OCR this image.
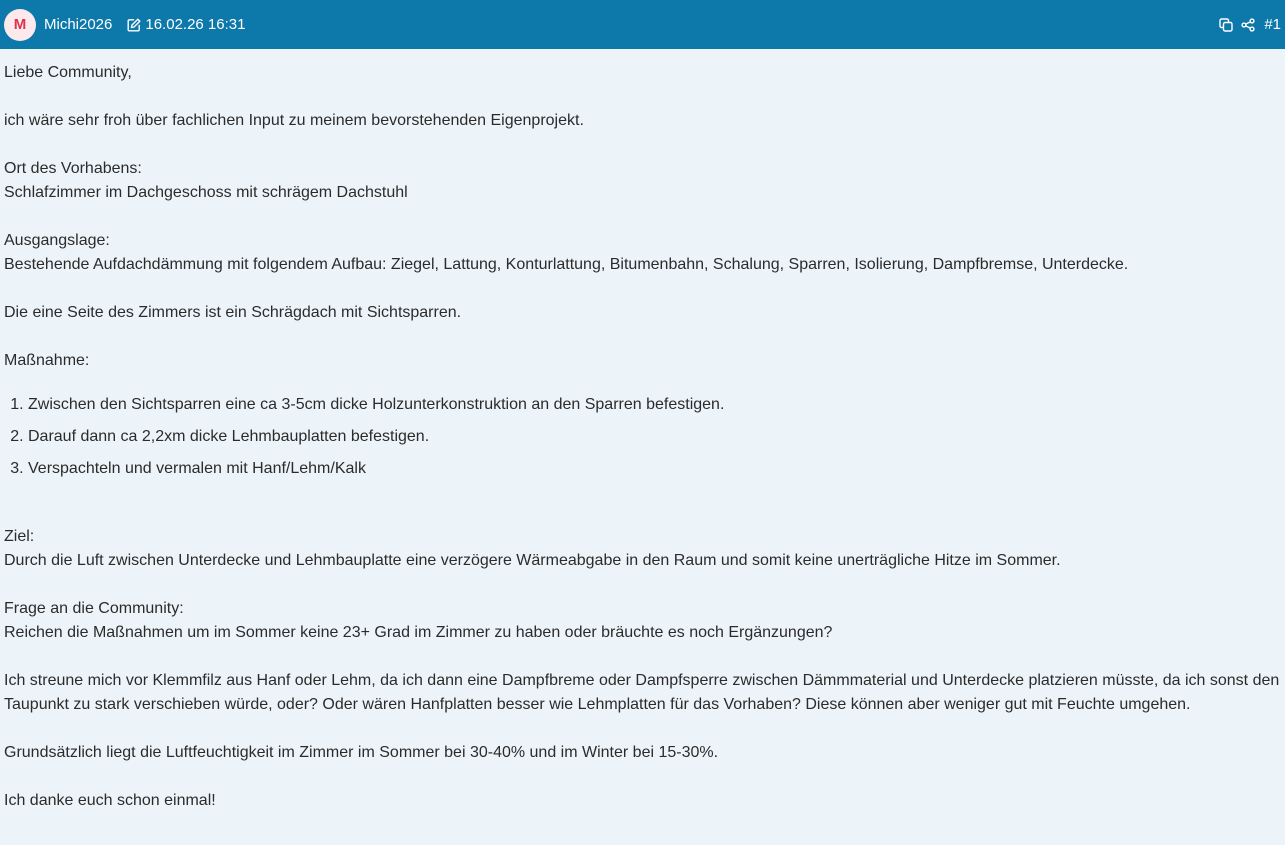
M	Michi2026 16.02.26 16:31	#1

Liebe Community,

ich wäre sehr froh über fachlichen Input zu meinem bevorstehenden Eigenprojekt.

Ort des Vorhabens:

Schlafzimmer im Dachgeschoss mit schrägem Dachstuhl

Ausgangslage:

Bestehende Aufdachdämmung mit folgendem Aufbau: Ziegel, Lattung, Konturlattung, Bitumenbahn, Schalung, Sparren, Isolierung, Dampfbremse, Unterdecke.

Die eine Seite des Zimmers ist ein Schrägdach mit Sichtsparren.

Maßnahme:

1. Zwischen den Sichtsparren eine ca 3-5cm dicke Holzunterkonstruktion an den Sparren befestigen.
2. Darauf dann ca 2,2xm dicke Lehmbauplatten befestigen.
3. Verspachteln und vermalen mit Hanf/Lehm/Kalk

Ziel:

Durch die Luft zwischen Unterdecke und Lehmbauplatte eine verzögere Wärmeabgabe in den Raum und somit keine unerträgliche Hitze im Sommer.

Frage an die Community:

Reichen die Maßnahmen um im Sommer keine 23+ Grad im Zimmer zu haben oder bräuchte es noch Ergänzungen?

Ich streune mich vor Klemmfilz aus Hanf oder Lehm, da ich dann eine Dampfbreme oder Dampfsperre zwischen Dämmmaterial und Unterdecke platzieren müsste, da ich sonst den Taupunkt zu stark verschieben würde, oder? Oder wären Hanfplatten besser wie Lehmplatten für das Vorhaben? Diese können aber weniger gut mit Feuchte umgehen.

Grundsätzlich liegt die Luftfeuchtigkeit im Zimmer im Sommer bei 30-40% und im Winter bei 15-30%.

Ich danke euch schon einmal!
